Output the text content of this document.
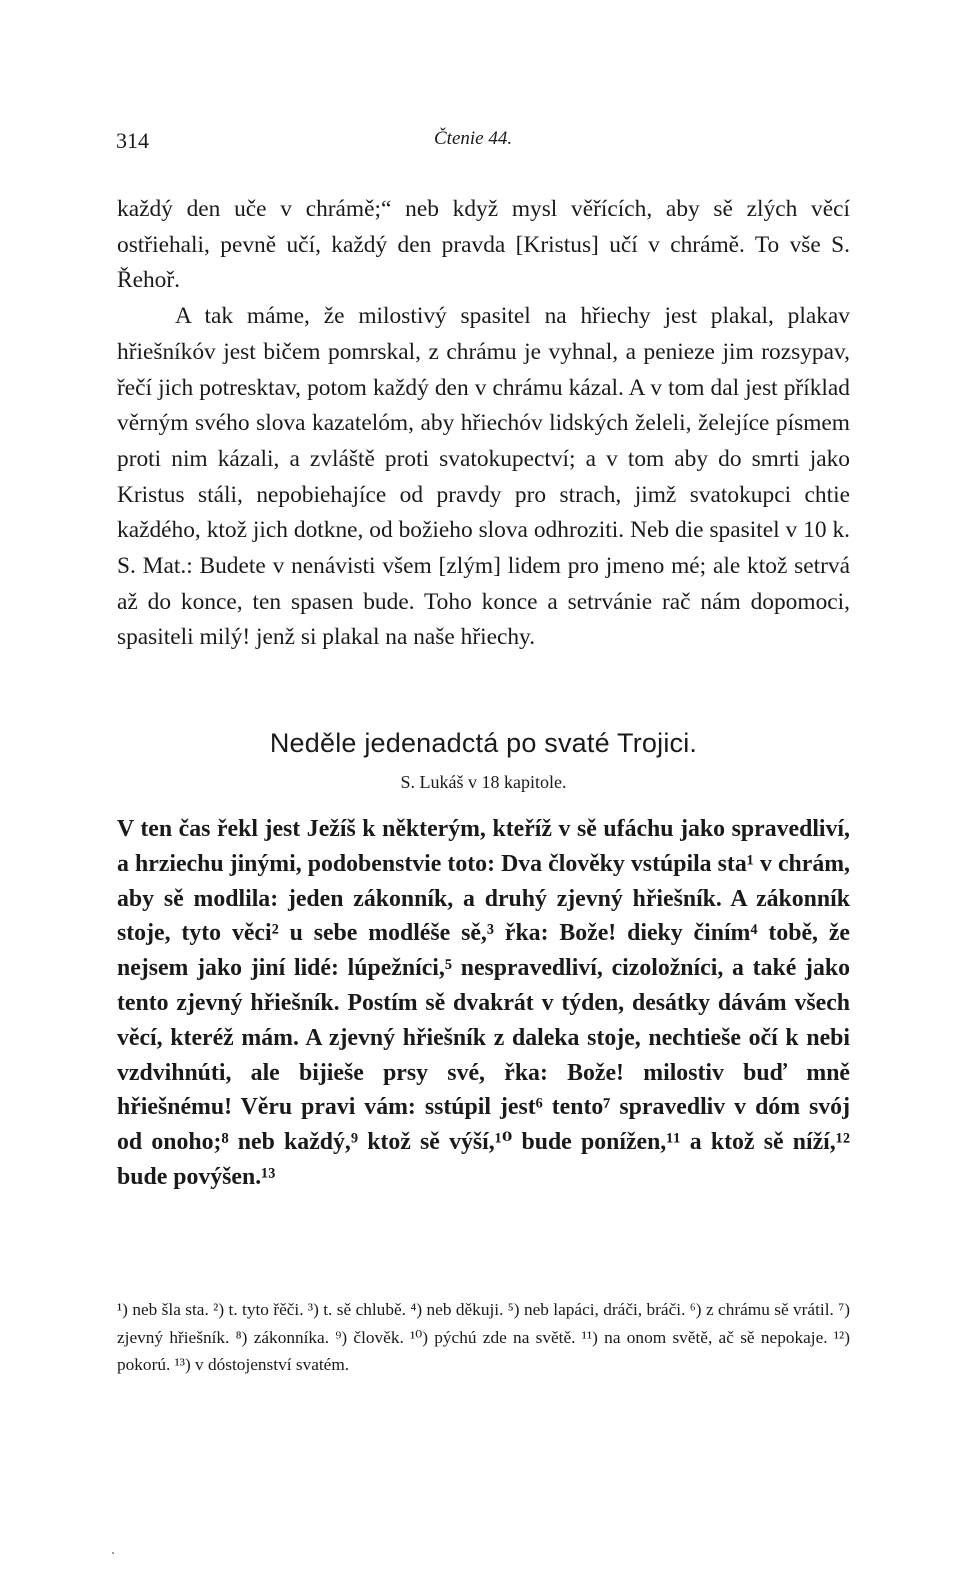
314	Čtenie 44.

každý den uče v chrámě;“ neb když mysl věřících, aby sě zlých věcí ostřiehali, pevně učí, každý den pravda [Kristus] učí v chrámě. To vše S. Řehoř.

A tak máme, že milostivý spasitel na hřiechy jest plakal, plakav hřiešníkóv jest bičem pomrskal, z chrámu je vyhnal, a penieze jim rozsypav, řečí jich potresktav, potom každý den v chrámu kázal. A v tom dal jest příklad věrným svého slova kazatelóm, aby hřiechóv lidských želeli, želejíce písmem proti nim kázali, a zvláště proti svatokupectví; a v tom aby do smrti jako Kristus stáli, nepobiehajíce od pravdy pro strach, jimž svatokupci chtie každého, ktož jich dotkne, od božieho slova odhroziti. Neb die spasitel v 10 k. S. Mat.: Budete v nenávisti všem [zlým] lidem pro jmeno mé; ale ktož setrvá až do konce, ten spasen bude. Toho konce a setrvánie rač nám dopomoci, spasiteli milý! jenž si plakal na naše hřiechy.

Neděle jedenadctá po svaté Trojici.
S. Lukáš v 18 kapitole.

V ten čas řekl jest Ježíš k některým, kteříž v sě ufáchu jako spravedliví, a hrziechu jinými, podobenstvie toto: Dva člověky vstúpila sta¹ v chrám, aby sě modlila: jeden zákonník, a druhý zjevný hřiešník. A zákonník stoje, tyto věci² u sebe modléše sě,³ řka: Bože! dieky činím⁴ tobě, že nejsem jako jiní lidé: lúpežníci,⁵ nespravedliví, cizoložníci, a také jako tento zjevný hřiešník. Postím sě dvakrát v týden, desátky dávám všech věcí, kteréž mám. A zjevný hřiešník z daleka stoje, nechtieše očí k nebi vzdvihnúti, ale bijieše prsy své, řka: Bože! milostiv buď mně hřiešnému! Věru pravi vám: sstúpil jest⁶ tento⁷ spravedliv v dóm svój od onoho;⁸ neb každý,⁹ ktož sě výší,¹⁰ bude ponížen,¹¹ a ktož sě níží,¹² bude povýšen.¹³

¹) neb šla sta. ²) t. tyto řěči. ³) t. sě chlubě. ⁴) neb děkuji. ⁵) neb lapáci, dráči, bráči. ⁶) z chrámu sě vrátil. ⁷) zjevný hřiešník. ⁸) zákonníka. ⁹) člověk. ¹⁰) pýchú zde na světě. ¹¹) na onom světě, ač sě nepokaje. ¹²) pokorú. ¹³) v dóstojenství svatém.
